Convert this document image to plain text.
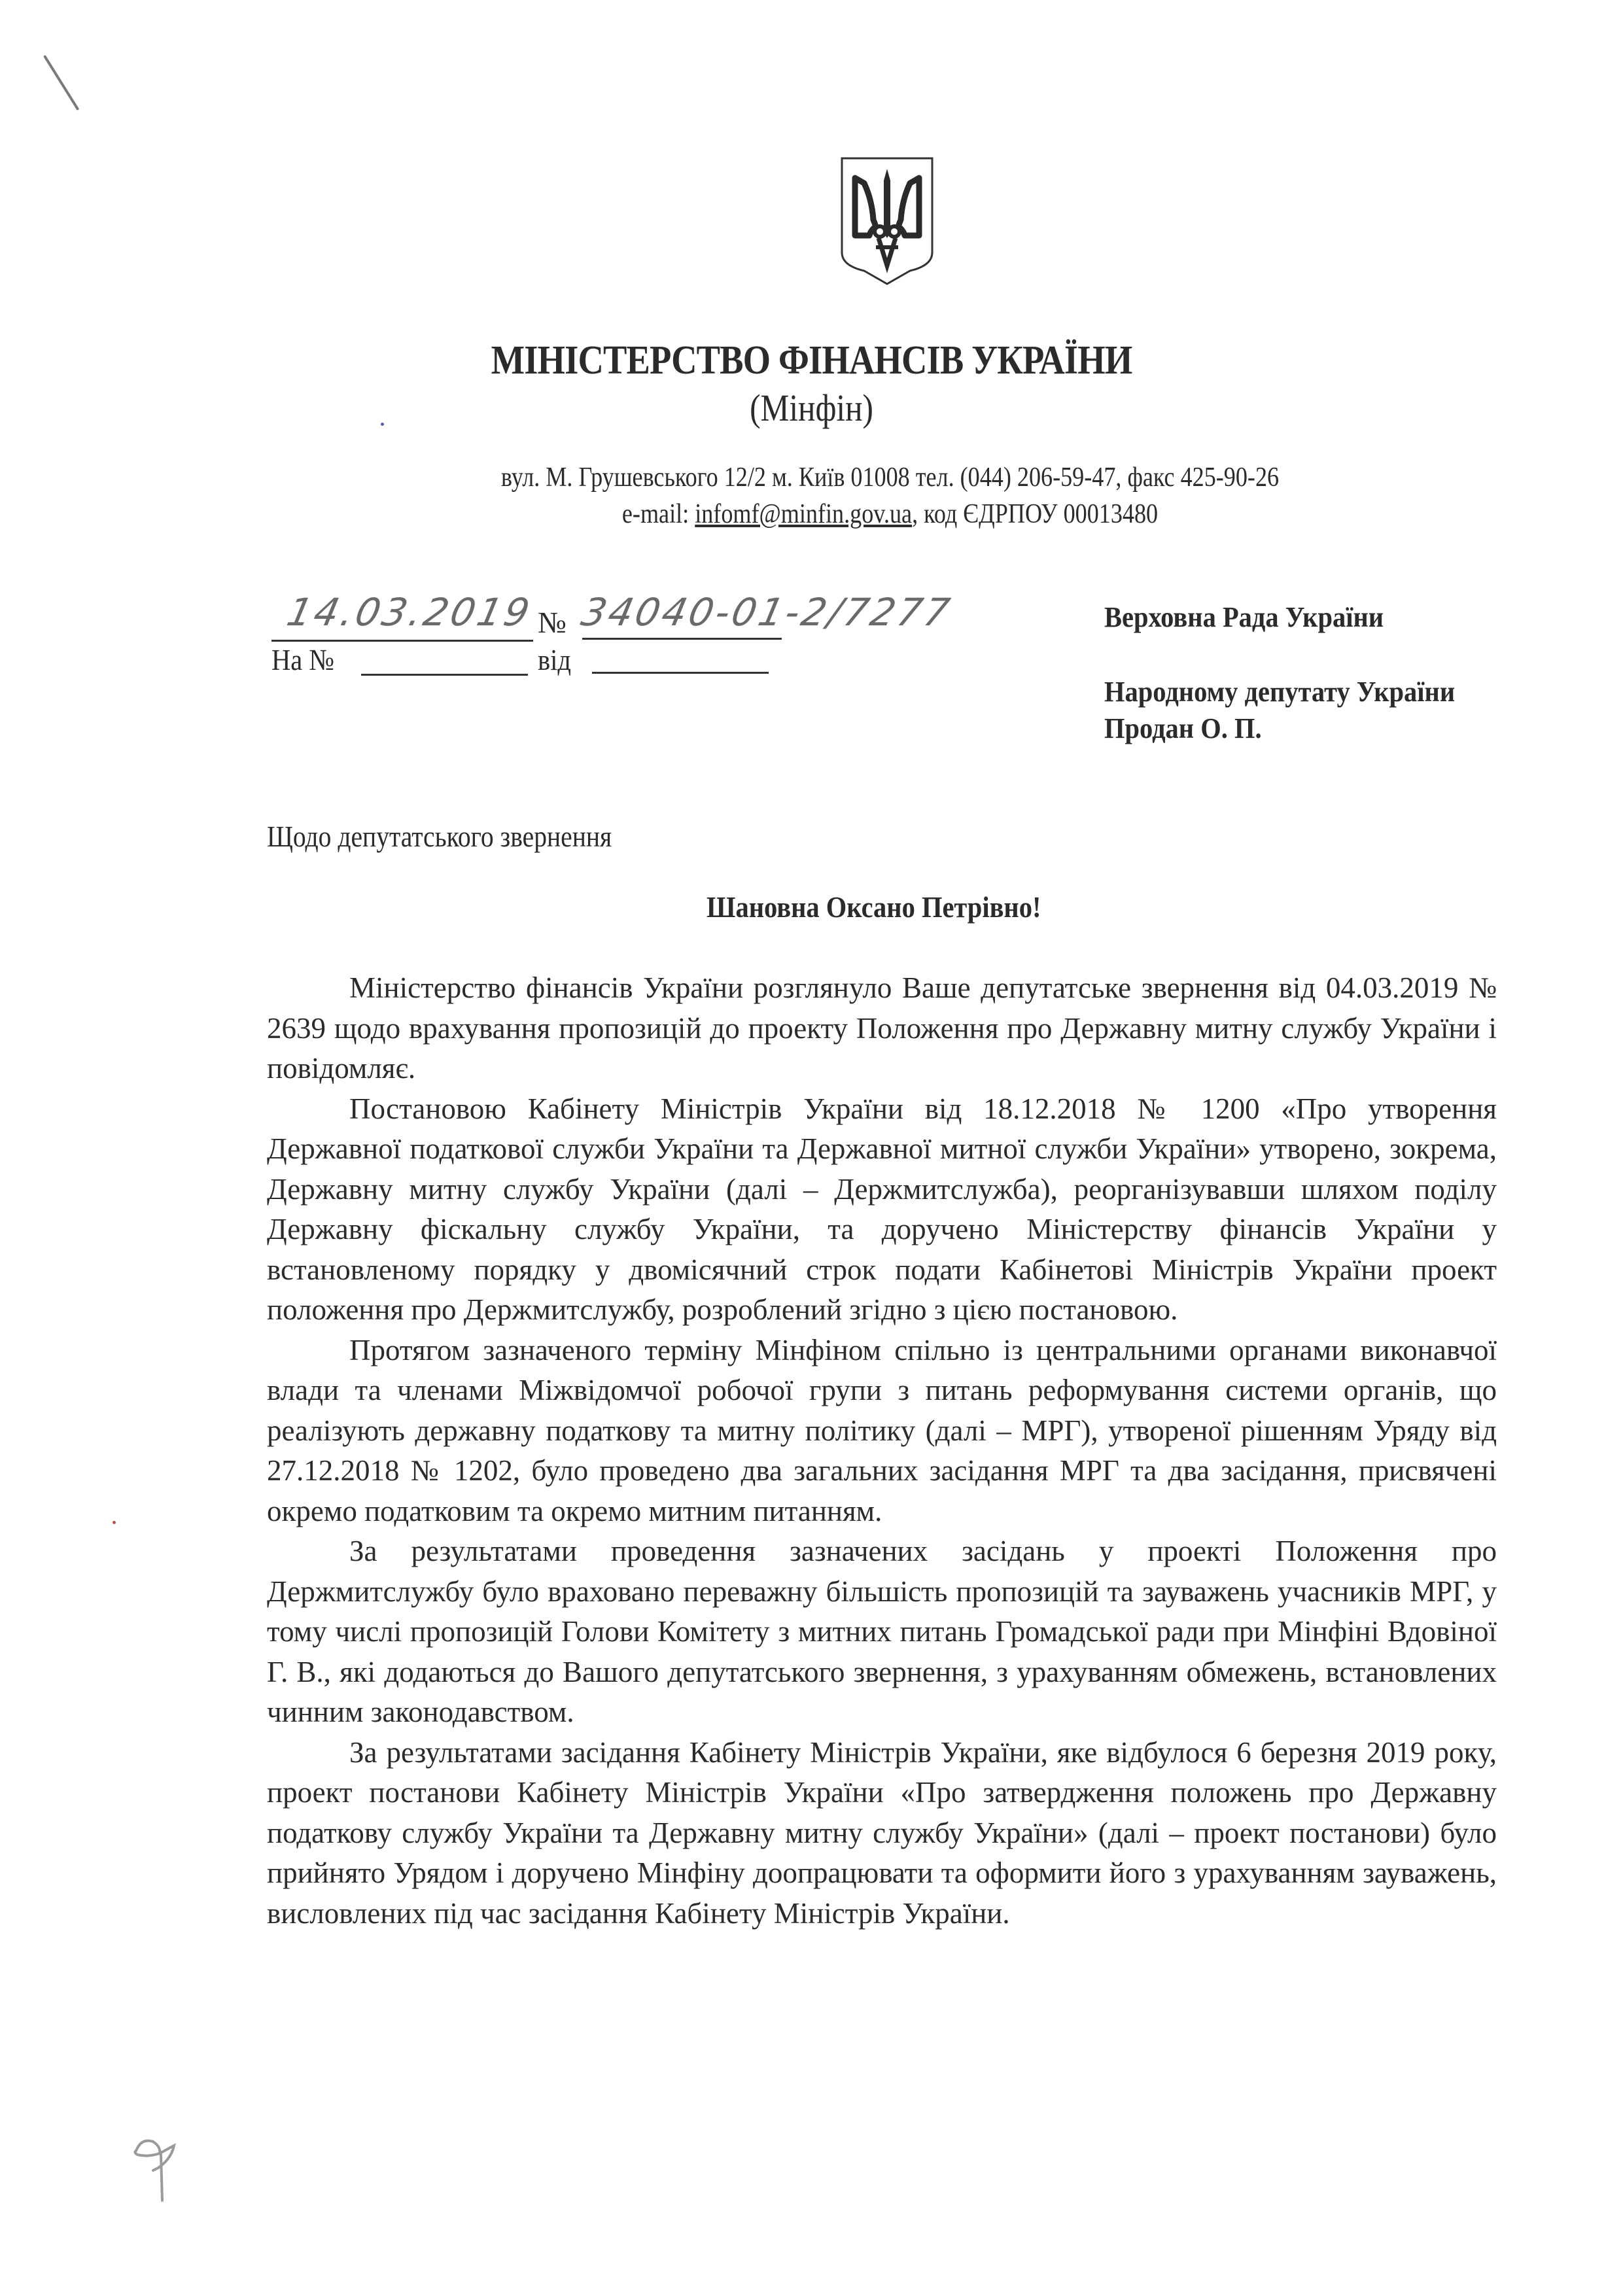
МІНІСТЕРСТВО ФІНАНСІВ УКРАЇНИ
(Мінфін)
вул. М. Грушевського 12/2 м. Київ 01008 тел. (044) 206-59-47, факс 425-90-26
e-mail: infomf@minfin.gov.ua, код ЄДРПОУ 00013480
14.03.2019 № 34040-01-2/7277
На №	від
Верховна Рада України
Народному депутату України
Продан О. П.
Щодо депутатського звернення
Шановна Оксано Петрівно!

Міністерство фінансів України розглянуло Ваше депутатське звернення від 04.03.2019 № 2639 щодо врахування пропозицій до проекту Положення про Державну митну службу України і повідомляє.

Постановою Кабінету Міністрів України від 18.12.2018 № 1200 «Про утворення Державної податкової служби України та Державної митної служби України» утворено, зокрема, Державну митну службу України (далі – Держмитслужба), реорганізувавши шляхом поділу Державну фіскальну службу України, та доручено Міністерству фінансів України у встановленому порядку у двомісячний строк подати Кабінетові Міністрів України проект положення про Держмитслужбу, розроблений згідно з цією постановою.

Протягом зазначеного терміну Мінфіном спільно із центральними органами виконавчої влади та членами Міжвідомчої робочої групи з питань реформування системи органів, що реалізують державну податкову та митну політику (далі – МРГ), утвореної рішенням Уряду від 27.12.2018 № 1202, було проведено два загальних засідання МРГ та два засідання, присвячені окремо податковим та окремо митним питанням.

За результатами проведення зазначених засідань у проекті Положення про Держмитслужбу було враховано переважну більшість пропозицій та зауважень учасників МРГ, у тому числі пропозицій Голови Комітету з митних питань Громадської ради при Мінфіні Вдовіної Г. В., які додаються до Вашого депутатського звернення, з урахуванням обмежень, встановлених чинним законодавством.

За результатами засідання Кабінету Міністрів України, яке відбулося 6 березня 2019 року, проект постанови Кабінету Міністрів України «Про затвердження положень про Державну податкову службу України та Державну митну службу України» (далі – проект постанови) було прийнято Урядом і доручено Мінфіну доопрацювати та оформити його з урахуванням зауважень, висловлених під час засідання Кабінету Міністрів України.
